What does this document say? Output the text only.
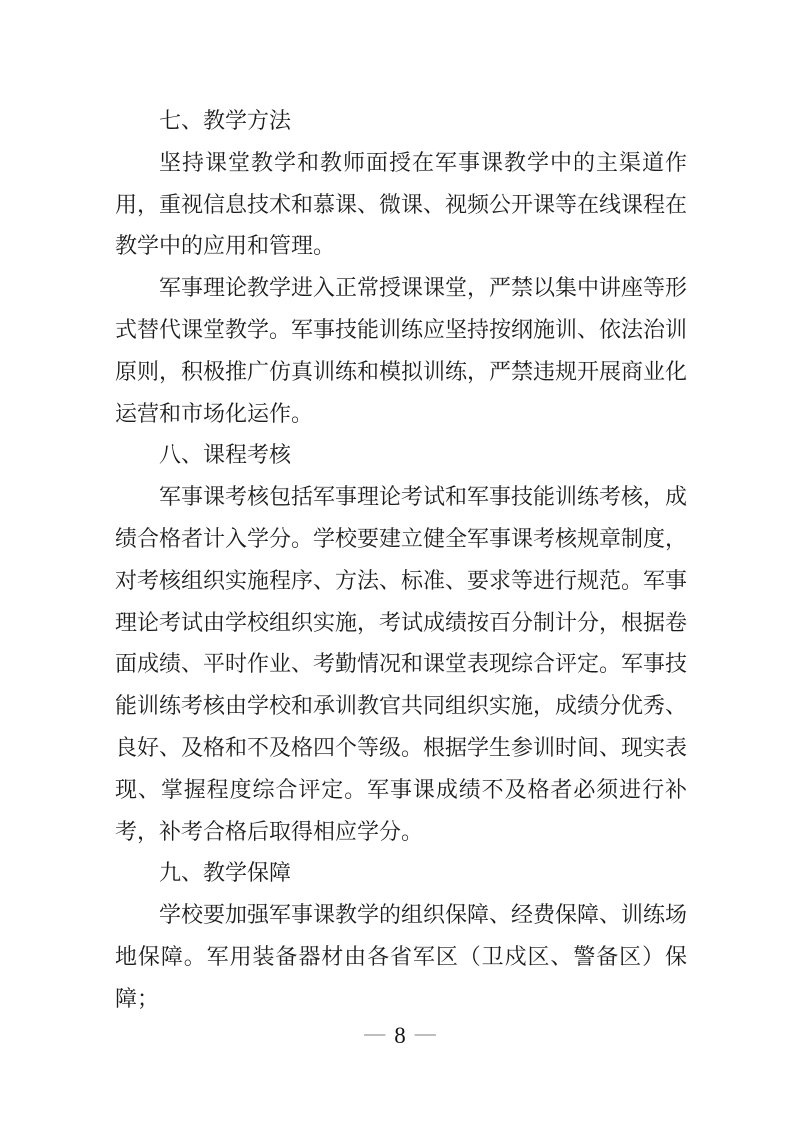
七、教学方法

坚持课堂教学和教师面授在军事课教学中的主渠道作用，重视信息技术和慕课、微课、视频公开课等在线课程在教学中的应用和管理。

军事理论教学进入正常授课课堂，严禁以集中讲座等形式替代课堂教学。军事技能训练应坚持按纲施训、依法治训原则，积极推广仿真训练和模拟训练，严禁违规开展商业化运营和市场化运作。

八、课程考核

军事课考核包括军事理论考试和军事技能训练考核，成绩合格者计入学分。学校要建立健全军事课考核规章制度，对考核组织实施程序、方法、标准、要求等进行规范。军事理论考试由学校组织实施，考试成绩按百分制计分，根据卷面成绩、平时作业、考勤情况和课堂表现综合评定。军事技能训练考核由学校和承训教官共同组织实施，成绩分优秀、良好、及格和不及格四个等级。根据学生参训时间、现实表现、掌握程度综合评定。军事课成绩不及格者必须进行补考，补考合格后取得相应学分。

九、教学保障

学校要加强军事课教学的组织保障、经费保障、训练场地保障。军用装备器材由各省军区（卫戍区、警备区）保障；

— 8 —
